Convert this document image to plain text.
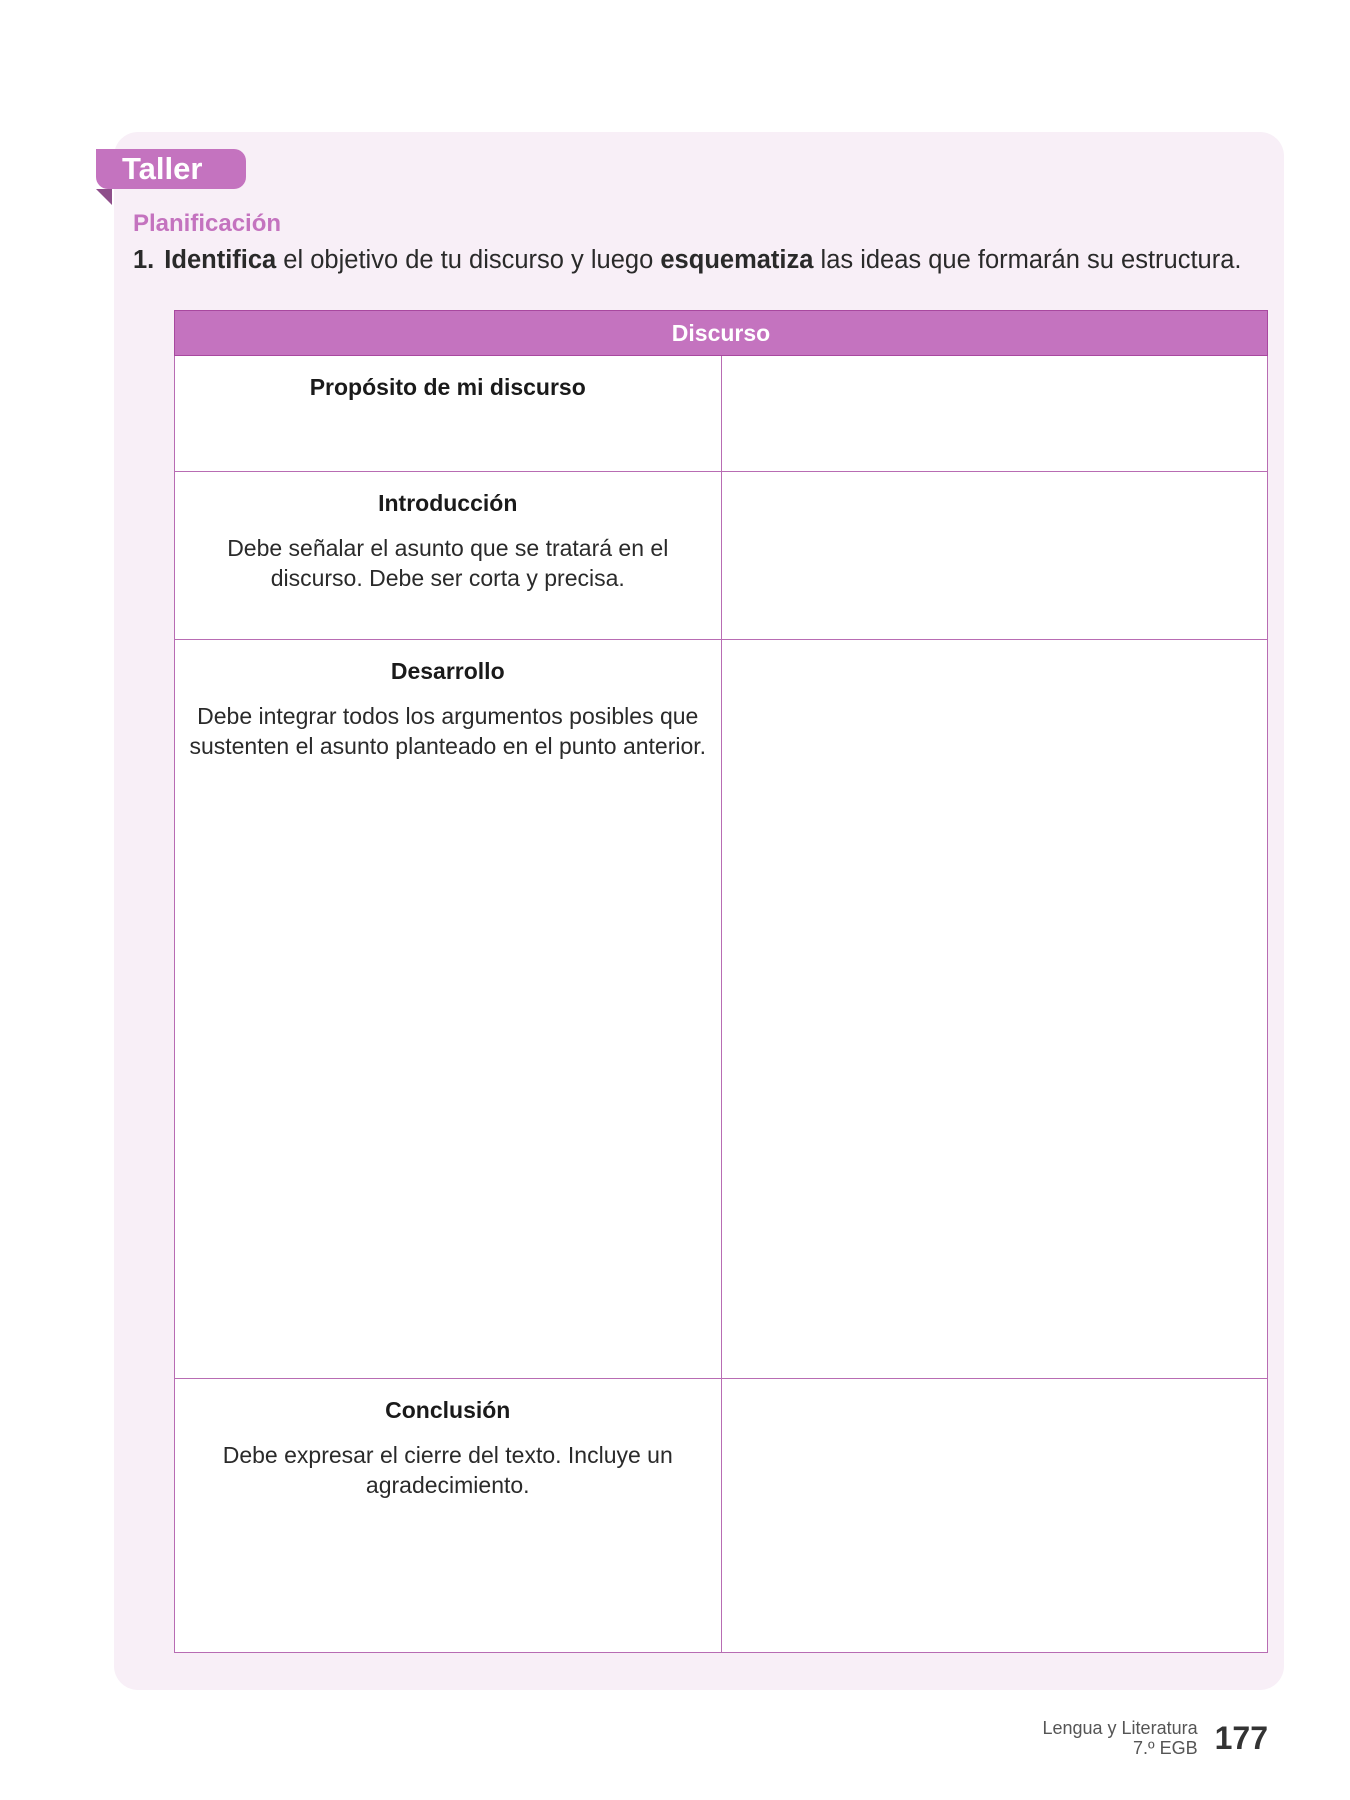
Taller
Planificación
1. Identifica el objetivo de tu discurso y luego esquematiza las ideas que formarán su estructura.
Discurso	

Propósito de mi discurso	

Introducción
Debe señalar el asunto que se tratará en el discurso. Debe ser corta y precisa.	

Desarrollo
Debe integrar todos los argumentos posibles que sustenten el asunto planteado en el punto anterior.	

Conclusión
Debe expresar el cierre del texto. Incluye un agradecimiento.	

Lengua y Literatura
7.º EGB 177
